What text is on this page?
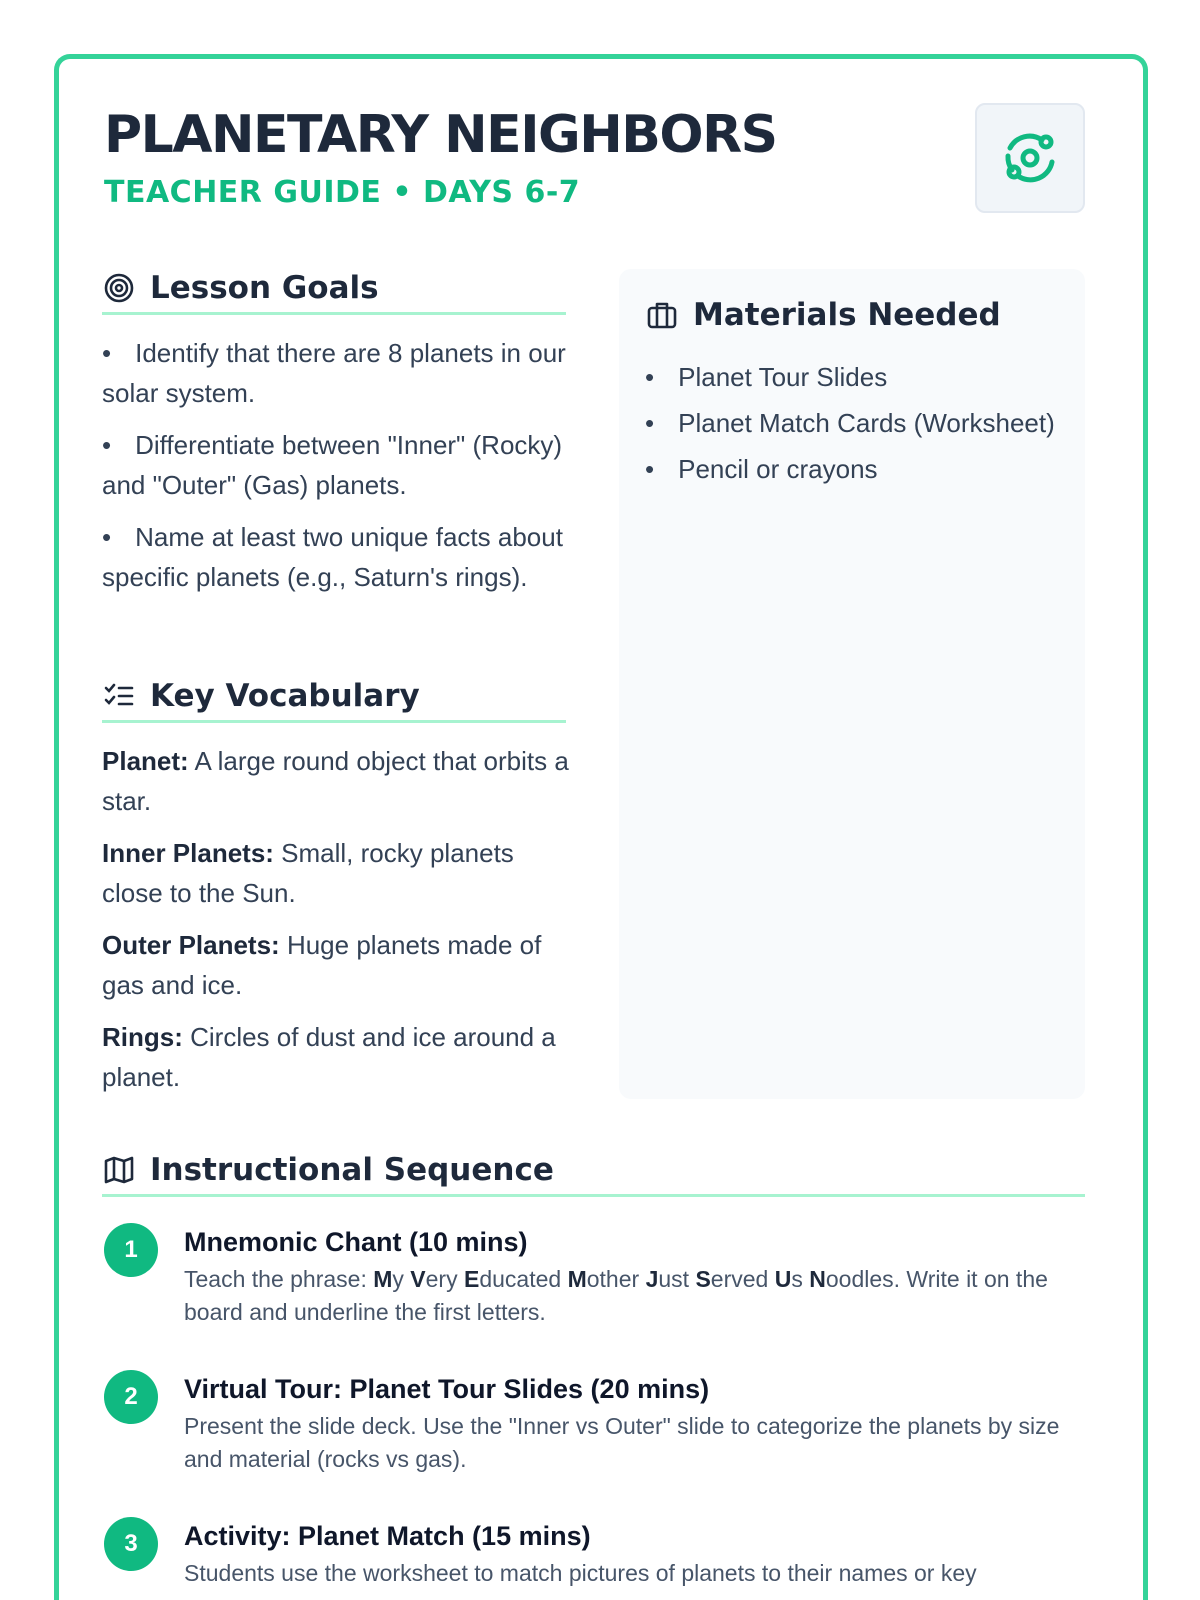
PLANETARY NEIGHBORS
TEACHER GUIDE • DAYS 6-7
Lesson Goals
• Identify that there are 8 planets in our solar system.
• Differentiate between "Inner" (Rocky) and "Outer" (Gas) planets.
• Name at least two unique facts about specific planets (e.g., Saturn's rings).
Key Vocabulary

Planet: A large round object that orbits a star.

Inner Planets: Small, rocky planets close to the Sun.

Outer Planets: Huge planets made of gas and ice.

Rings: Circles of dust and ice around a planet.

Materials Needed
• Planet Tour Slides
• Planet Match Cards (Worksheet)
• Pencil or crayons
Instructional Sequence
1	Mnemonic Chant (10 mins)
Teach the phrase: My Very Educated Mother Just Served Us Noodles. Write it on the board and underline the first letters.
2	Virtual Tour: Planet Tour Slides (20 mins)
Present the slide deck. Use the "Inner vs Outer" slide to categorize the planets by size and material (rocks vs gas).
3	Activity: Planet Match (15 mins)
Students use the worksheet to match pictures of planets to their names or key
